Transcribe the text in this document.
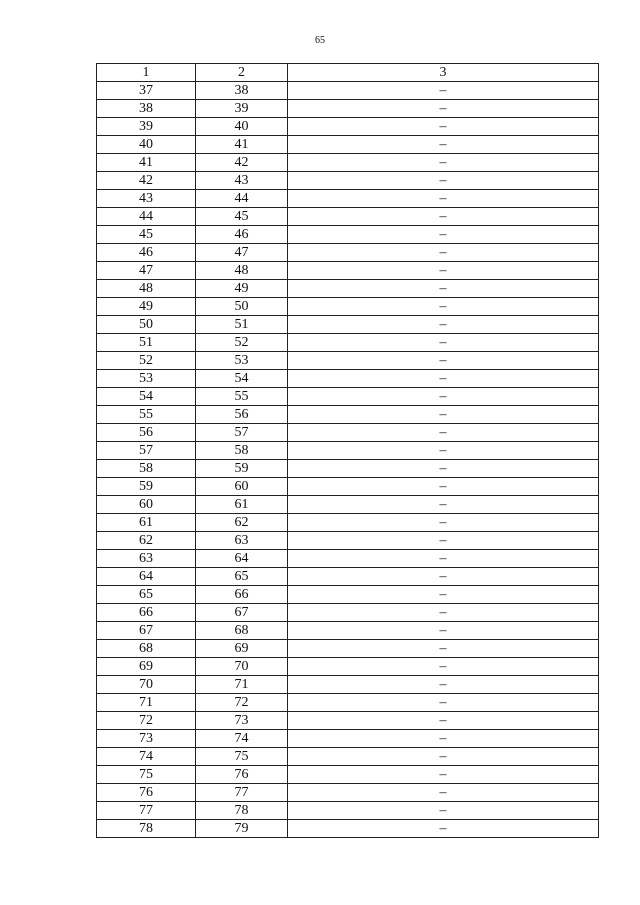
65
1	2	3
37	38	–
38	39	–
39	40	–
40	41	–
41	42	–
42	43	–
43	44	–
44	45	–
45	46	–
46	47	–
47	48	–
48	49	–
49	50	–
50	51	–
51	52	–
52	53	–
53	54	–
54	55	–
55	56	–
56	57	–
57	58	–
58	59	–
59	60	–
60	61	–
61	62	–
62	63	–
63	64	–
64	65	–
65	66	–
66	67	–
67	68	–
68	69	–
69	70	–
70	71	–
71	72	–
72	73	–
73	74	–
74	75	–
75	76	–
76	77	–
77	78	–
78	79	–
